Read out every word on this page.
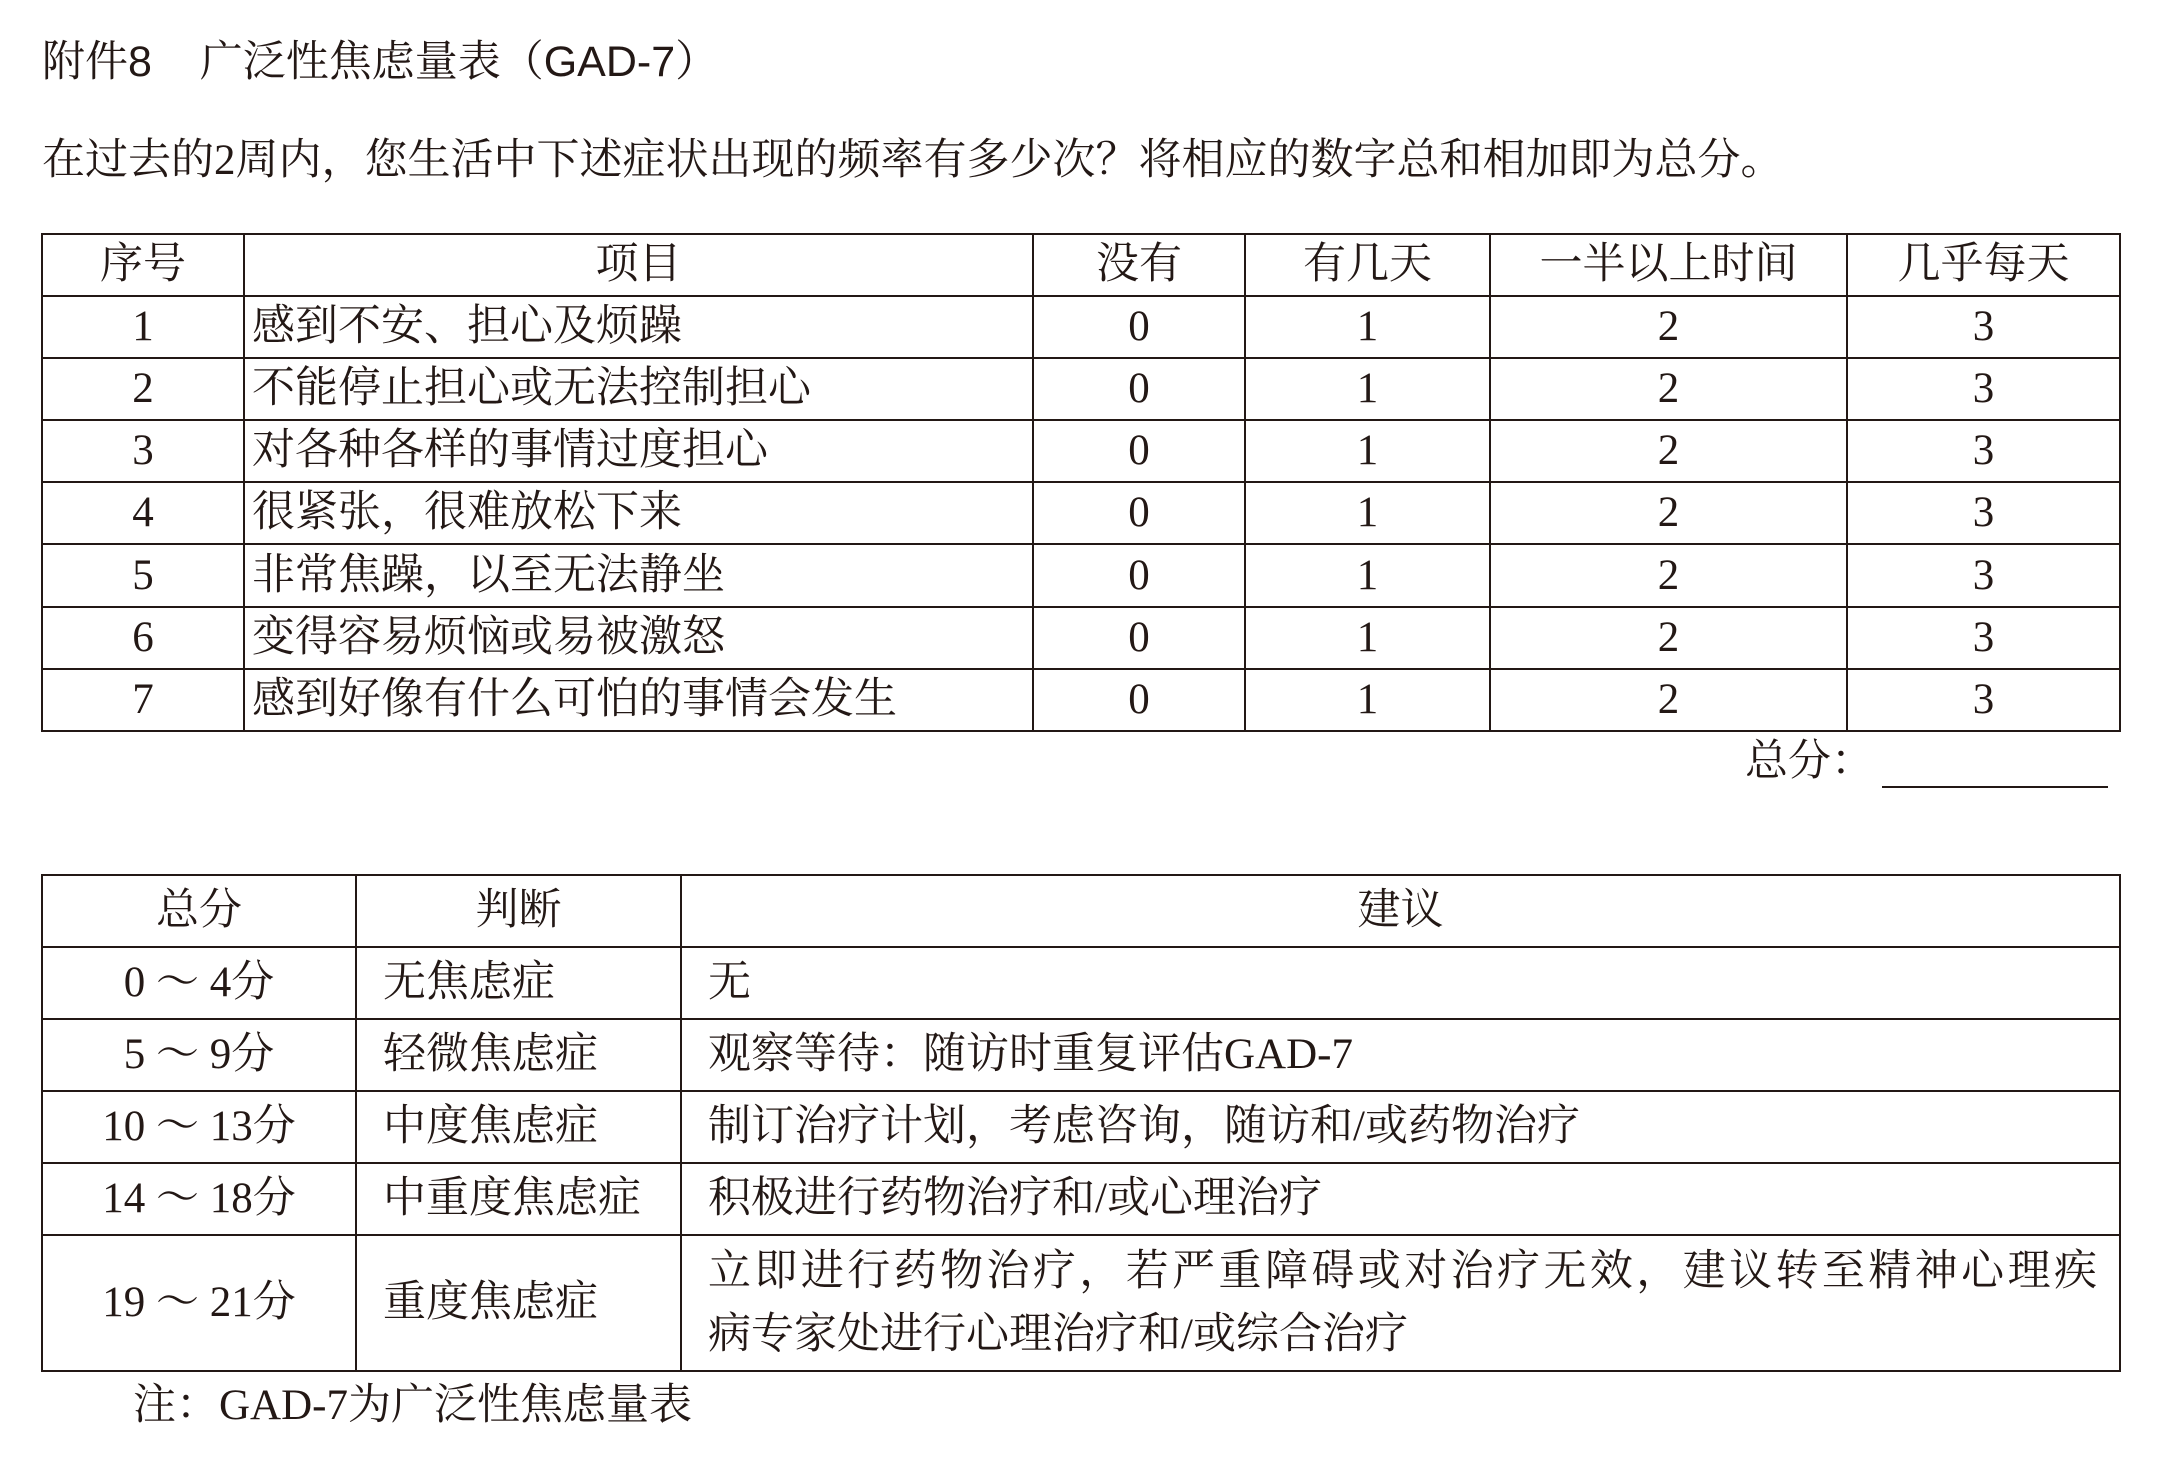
附件8    广泛性焦虑量表（GAD-7）
在过去的2周内，您生活中下述症状出现的频率有多少次？将相应的数字总和相加即为总分。
序号	项目	没有	有几天	一半以上时间	几乎每天
1	感到不安、担心及烦躁	0	1	2	3
2	不能停止担心或无法控制担心	0	1	2	3
3	对各种各样的事情过度担心	0	1	2	3
4	很紧张，很难放松下来	0	1	2	3
5	非常焦躁，以至无法静坐	0	1	2	3
6	变得容易烦恼或易被激怒	0	1	2	3
7	感到好像有什么可怕的事情会发生	0	1	2	3
总分：
总分	判断	建议
0 ～ 4分	无焦虑症	无
5 ～ 9分	轻微焦虑症	观察等待：随访时重复评估GAD-7
10 ～ 13分	中度焦虑症	制订治疗计划，考虑咨询，随访和/或药物治疗
14 ～ 18分	中重度焦虑症	积极进行药物治疗和/或心理治疗
19 ～ 21分	重度焦虑症	立即进行药物治疗，若严重障碍或对治疗无效，建议转至精神心理疾
病专家处进行心理治疗和/或综合治疗
注：GAD-7为广泛性焦虑量表
